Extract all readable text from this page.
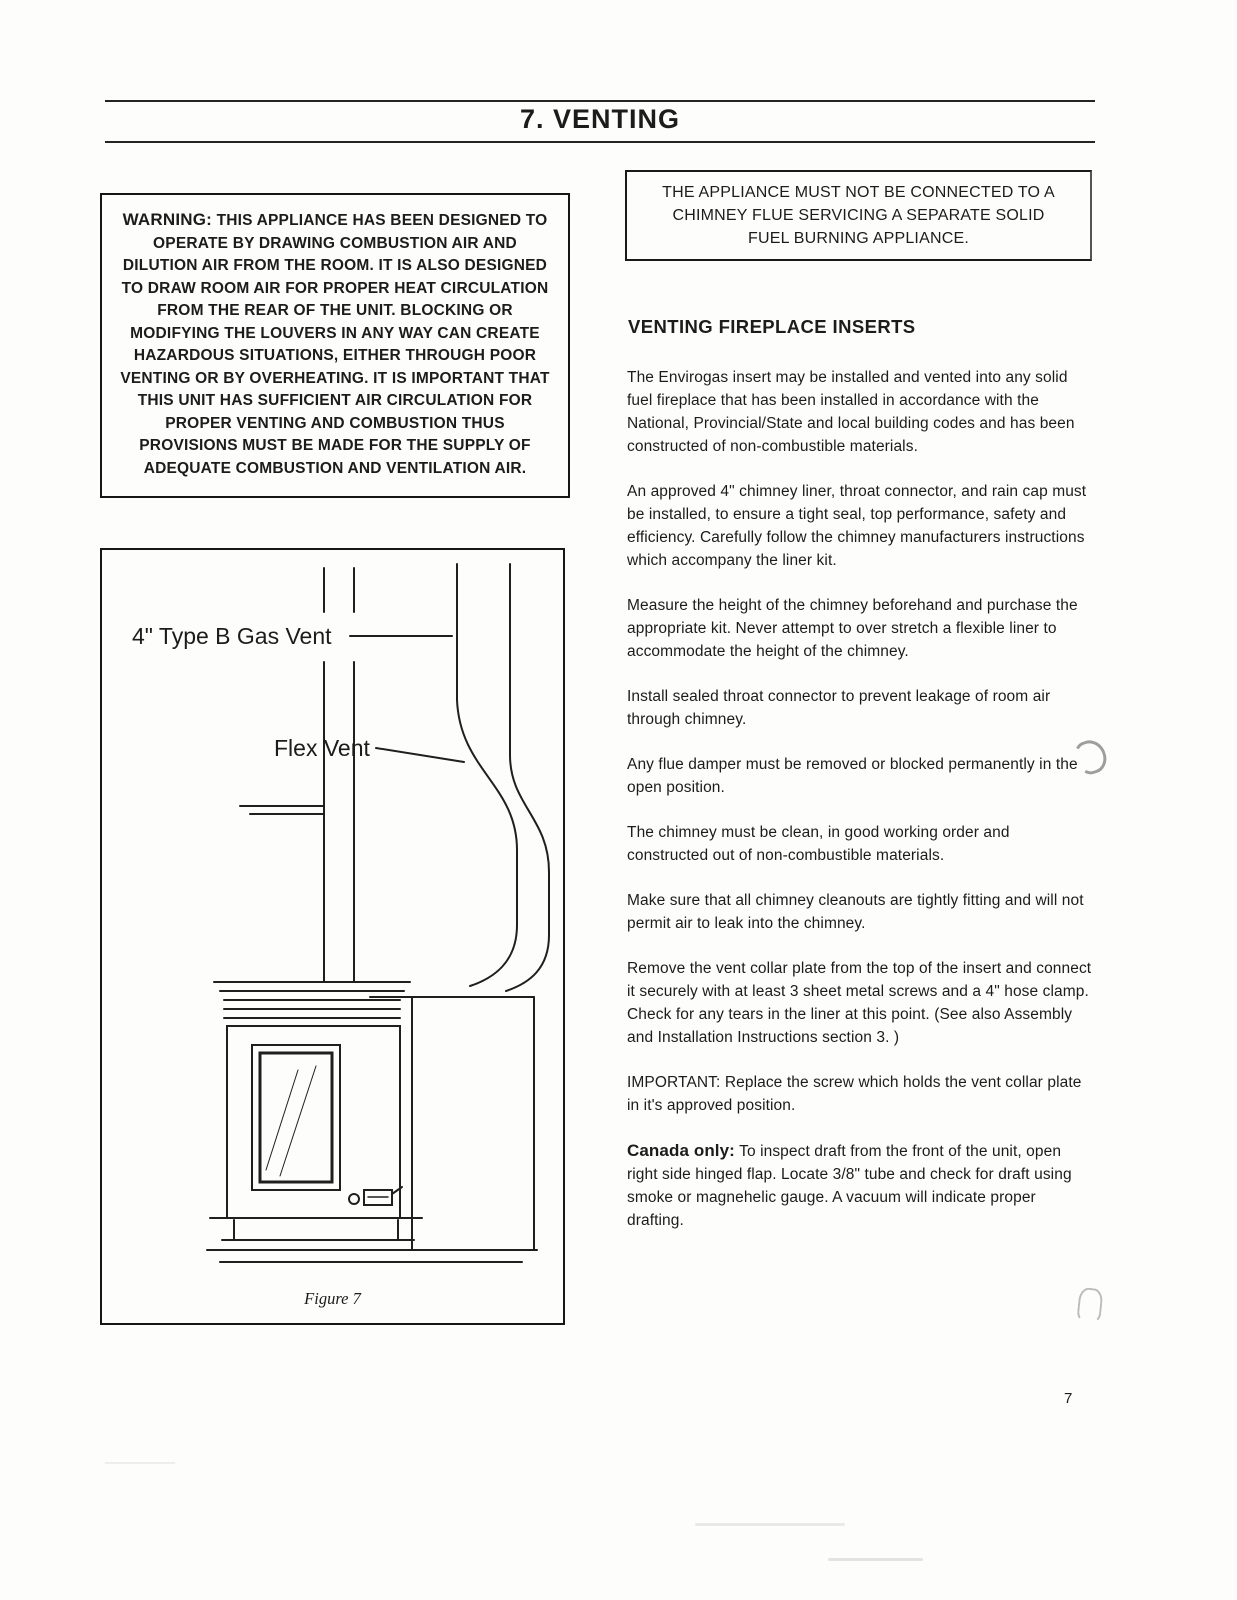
7. VENTING
WARNING: THIS APPLIANCE HAS BEEN DESIGNED TO OPERATE BY DRAWING COMBUSTION AIR AND DILUTION AIR FROM THE ROOM. IT IS ALSO DESIGNED TO DRAW ROOM AIR FOR PROPER HEAT CIRCULATION FROM THE REAR OF THE UNIT. BLOCKING OR MODIFYING THE LOUVERS IN ANY WAY CAN CREATE HAZARDOUS SITUATIONS, EITHER THROUGH POOR VENTING OR BY OVERHEATING. IT IS IMPORTANT THAT THIS UNIT HAS SUFFICIENT AIR CIRCULATION FOR PROPER VENTING AND COMBUSTION THUS PROVISIONS MUST BE MADE FOR THE SUPPLY OF ADEQUATE COMBUSTION AND VENTILATION AIR.
THE APPLIANCE MUST NOT BE CONNECTED TO A CHIMNEY FLUE SERVICING A SEPARATE SOLID FUEL BURNING APPLIANCE.
VENTING FIREPLACE INSERTS

The Envirogas insert may be installed and vented into any solid fuel fireplace that has been installed in accordance with the National, Provincial/State and local building codes and has been constructed of non-combustible materials.

An approved 4" chimney liner, throat connector, and rain cap must be installed, to ensure a tight seal, top performance, safety and efficiency. Carefully follow the chimney manufacturers instructions which accompany the liner kit.

Measure the height of the chimney beforehand and purchase the appropriate kit. Never attempt to over stretch a flexible liner to accommodate the height of the chimney.

Install sealed throat connector to prevent leakage of room air through chimney.

Any flue damper must be removed or blocked permanently in the open position.

The chimney must be clean, in good working order and constructed out of non-combustible materials.

Make sure that all chimney cleanouts are tightly fitting and will not permit air to leak into the chimney.

Remove the vent collar plate from the top of the insert and connect it securely with at least 3 sheet metal screws and a 4" hose clamp. Check for any tears in the liner at this point. (See also Assembly and Installation Instructions section 3. )

IMPORTANT: Replace the screw which holds the vent collar plate in it's approved position.

Canada only: To inspect draft from the front of the unit, open right side hinged flap. Locate 3/8" tube and check for draft using smoke or magnehelic gauge. A vacuum will indicate proper drafting.

4" Type B Gas Vent
Flex Vent
Figure 7
7
